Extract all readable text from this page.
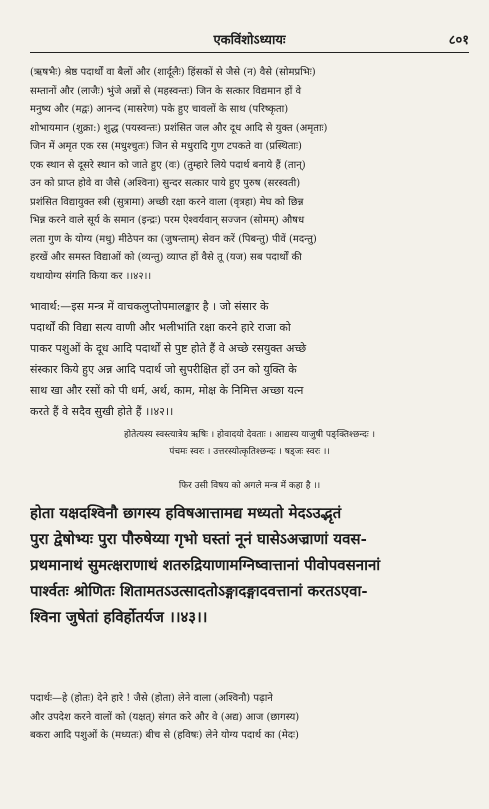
एकविंशोऽध्यायः	८०१
(ऋषभैः) श्रेष्ठ पदार्थों वा बैलों और (शार्दूलैः) हिंसकों से जैसे (न) वैसे (सोमप्रभिः)
सम्तानों और (लाजैः) भुंजे अन्नों से (महस्वन्तः) जिन के सत्कार विद्यमान हों वे
मनुष्य और (मद्वः) आनन्द (मासरेण) पके हुए चावलों के साथ (परिष्कृता)
शोभायमान (शुक्रा:) शुद्ध (पयस्वन्तः) प्रशंसित जल और दूध आदि से युक्त (अमृताः)
जिन में अमृत एक रस (मधुश्चुतः) जिन से मधुरादि गुण टपकते वा (प्रस्थिताः)
एक स्थान से दूसरे स्थान को जाते हुए (वः) (तुम्हारे लिये पदार्थ बनाये हैं (तान्)
उन को प्राप्त होवे वा जैसे (अश्विना) सुन्दर सत्कार पाये हुए पुरुष (सरस्वती)
प्रशंसित विद्यायुक्त स्त्री (सुत्रामा) अच्छी रक्षा करने वाला (वृत्रहा) मेघ को छिन्न
भिन्न करने वाले सूर्य के समान (इन्द्रः) परम ऐश्वर्यवान् सज्जन (सोमम्) औषध
लता गुण के योग्य (मधु) मीठेपन का (जुषन्ताम्) सेवन करें (पिबन्तु) पीवें (मदन्तु)
हरखें और समस्त विद्याओं को (व्यन्तु) व्याप्त हों वैसे तू (यज) सब पदार्थों की
यथायोग्य संगति किया कर ।।४२।।
भावार्थ:—इस मन्त्र में वाचकलुप्तोपमालङ्कार है । जो संसार के
पदार्थों की विद्या सत्य वाणी और भलीभांति रक्षा करने हारे राजा को
पाकर पशुओं के दूध आदि पदार्थों से पुष्ट होते हैं वे अच्छे रसयुक्त अच्छे
संस्कार किये हुए अन्न आदि पदार्थ जो सुपरीक्षित हों उन को युक्ति के
साथ खा और रसों को पी धर्म, अर्थ, काम, मोक्ष के निमित्त अच्छा यत्न
करते हैं वे सदैव सुखी होते हैं ।।४२।।
होतेत्यस्य स्वस्त्यात्रेय ऋषिः । होवादयो देवताः । आद्यस्य याजुषी पङ्क्तिश्छन्दः ।
पंचमः स्वरः । उत्तरस्योत्कृतिश्छन्दः । षड्जः स्वरः ।।
फिर उसी विषय को अगले मन्त्र में कहा है ।।
होता यक्षदश्विनौ छागस्य हविषआत्तामद्य मध्यतो मेदऽउद्भृतं
पुरा द्वेषोभ्यः पुरा पौरुषेय्या गृभो घस्तां नूनं घासेऽअज्राणां यवस-
प्रथमानाथं सुमत्क्षराणाथं शतरुद्रियाणामग्निष्वात्तानां पीवोपवसनानां
पार्श्वतः श्रोणितः शितामतऽउत्सादतोऽङ्गादङ्गादवत्तानां करतऽएवा-
श्विना जुषेतां हविर्होतर्यज ।।४३।।
पदार्थः—हे (होतः) देने हारे ! जैसे (होता) लेने वाला (अश्विनौ) पढ़ाने
और उपदेश करने वालों को (यक्षत्) संगत करे और वे (अद्य) आज (छागस्य)
बकरा आदि पशुओं के (मध्यतः) बीच से (हविषः) लेने योग्य पदार्थ का (मेदः)
